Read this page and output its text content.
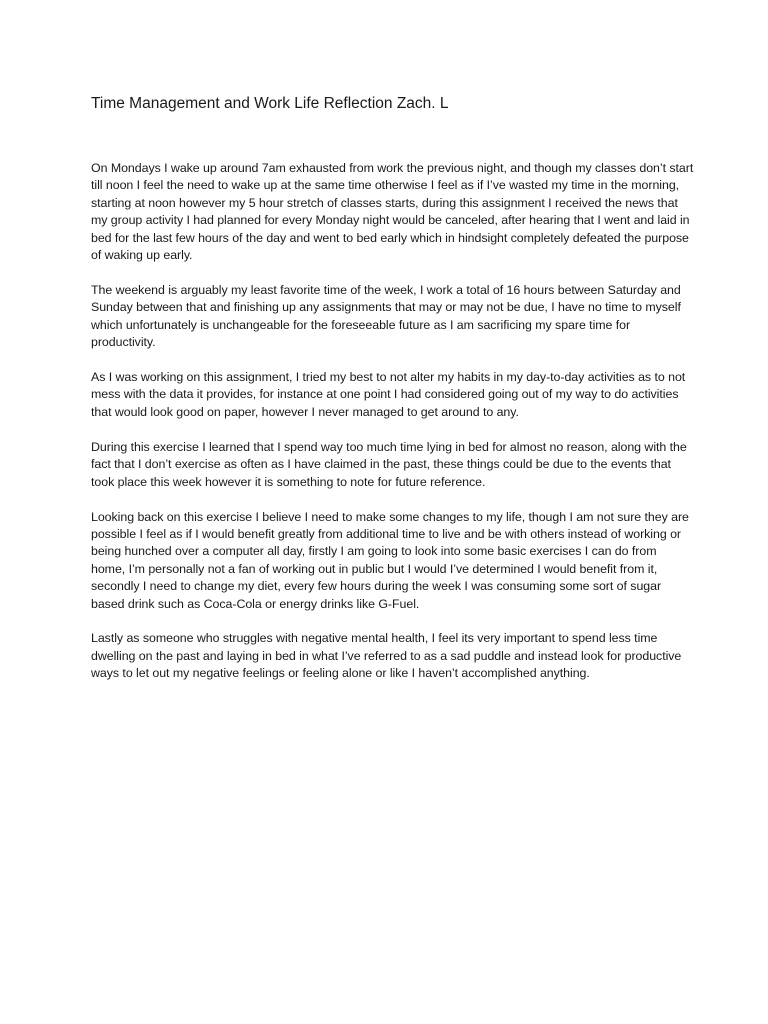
Time Management and Work Life Reflection Zach. L

On Mondays I wake up around 7am exhausted from work the previous night, and though my classes don’t start till noon I feel the need to wake up at the same time otherwise I feel as if I’ve wasted my time in the morning, starting at noon however my 5 hour stretch of classes starts, during this assignment I received the news that my group activity I had planned for every Monday night would be canceled, after hearing that I went and laid in bed for the last few hours of the day and went to bed early which in hindsight completely defeated the purpose of waking up early.

The weekend is arguably my least favorite time of the week, I work a total of 16 hours between Saturday and Sunday between that and finishing up any assignments that may or may not be due, I have no time to myself which unfortunately is unchangeable for the foreseeable future as I am sacrificing my spare time for productivity.

As I was working on this assignment, I tried my best to not alter my habits in my day-to-day activities as to not mess with the data it provides, for instance at one point I had considered going out of my way to do activities that would look good on paper, however I never managed to get around to any.

During this exercise I learned that I spend way too much time lying in bed for almost no reason, along with the fact that I don’t exercise as often as I have claimed in the past, these things could be due to the events that took place this week however it is something to note for future reference.

Looking back on this exercise I believe I need to make some changes to my life, though I am not sure they are possible I feel as if I would benefit greatly from additional time to live and be with others instead of working or being hunched over a computer all day, firstly I am going to look into some basic exercises I can do from home, I’m personally not a fan of working out in public but I would I’ve determined I would benefit from it, secondly I need to change my diet, every few hours during the week I was consuming some sort of sugar based drink such as Coca-Cola or energy drinks like G-Fuel.

Lastly as someone who struggles with negative mental health, I feel its very important to spend less time dwelling on the past and laying in bed in what I’ve referred to as a sad puddle and instead look for productive ways to let out my negative feelings or feeling alone or like I haven’t accomplished anything.
